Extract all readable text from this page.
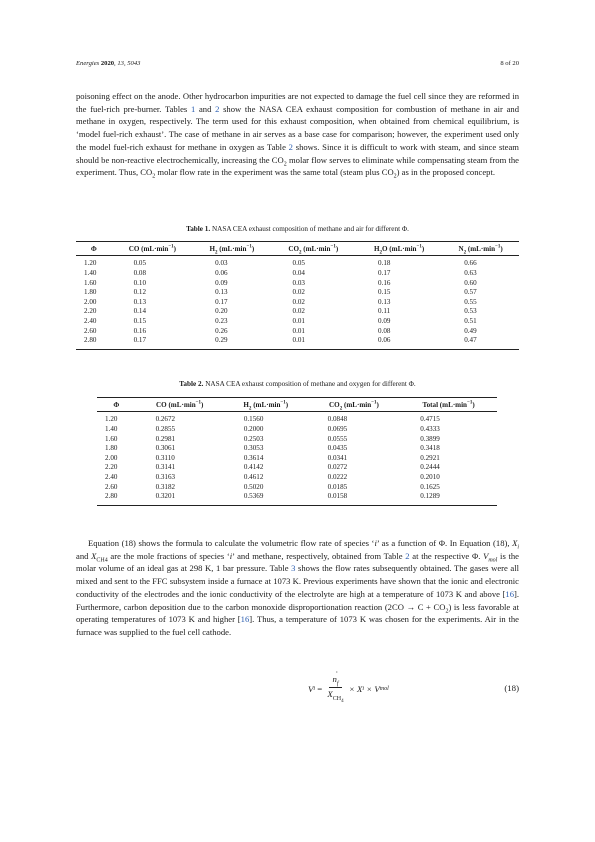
Energies 2020, 13, 5043	8 of 20

poisoning effect on the anode. Other hydrocarbon impurities are not expected to damage the fuel cell since they are reformed in the fuel-rich pre-burner. Tables 1 and 2 show the NASA CEA exhaust composition for combustion of methane in air and methane in oxygen, respectively. The term used for this exhaust composition, when obtained from chemical equilibrium, is ‘model fuel-rich exhaust’. The case of methane in air serves as a base case for comparison; however, the experiment used only the model fuel-rich exhaust for methane in oxygen as Table 2 shows. Since it is difficult to work with steam, and since steam should be non-reactive electrochemically, increasing the $CO_2$ molar flow serves to eliminate while compensating steam from the experiment. Thus, $CO_2$ molar flow rate in the experiment was the same total (steam plus $CO_2$) as in the proposed concept.

Table 1. NASA CEA exhaust composition of methane and air for different Φ.
Φ	CO $(mL\cdot\min^{-1})$	$H_2$ $(mL\cdot\min^{-1})$	$CO_2$ $(mL\cdot\min^{-1})$	$H_2O$ $(mL\cdot\min^{-1})$	$N_2$ $(mL\cdot\min^{-1})$
1.20	0.05	0.03	0.05	0.18	0.66
1.40	0.08	0.06	0.04	0.17	0.63
1.60	0.10	0.09	0.03	0.16	0.60
1.80	0.12	0.13	0.02	0.15	0.57
2.00	0.13	0.17	0.02	0.13	0.55
2.20	0.14	0.20	0.02	0.11	0.53
2.40	0.15	0.23	0.01	0.09	0.51
2.60	0.16	0.26	0.01	0.08	0.49
2.80	0.17	0.29	0.01	0.06	0.47
Table 2. NASA CEA exhaust composition of methane and oxygen for different Φ.
Φ	CO $(mL\cdot\min^{-1})$	$H_2$ $(mL\cdot\min^{-1})$	$CO_2$ $(mL\cdot\min^{-1})$	Total $(mL\cdot\min^{-1})$
1.20	0.2672	0.1560	0.0848	0.4715
1.40	0.2855	0.2000	0.0695	0.4333
1.60	0.2981	0.2503	0.0555	0.3899
1.80	0.3061	0.3053	0.0435	0.3418
2.00	0.3110	0.3614	0.0341	0.2921
2.20	0.3141	0.4142	0.0272	0.2444
2.40	0.3163	0.4612	0.0222	0.2010
2.60	0.3182	0.5020	0.0185	0.1625
2.80	0.3201	0.5369	0.0158	0.1289

Equation (18) shows the formula to calculate the volumetric flow rate of species ‘i’ as a function of Φ. In Equation (18), $X_i$ and $X_{CH4}$ are the mole fractions of species ‘i’ and methane, respectively, obtained from Table 2 at the respective Φ. $V_{mol}$ is the molar volume of an ideal gas at 298 K, 1 bar pressure. Table 3 shows the flow rates subsequently obtained. The gases were all mixed and sent to the FFC subsystem inside a furnace at 1073 K. Previous experiments have shown that the ionic and electronic conductivity of the electrodes and the ionic conductivity of the electrolyte are high at a temperature of 1073 K and above [16]. Furthermore, carbon deposition due to the carbon monoxide disproportionation reaction $(2CO \to C + CO_2)$ is less favorable at operating temperatures of 1073 K and higher [16]. Thus, a temperature of 1073 K was chosen for the experiments. Air in the furnace was supplied to the fuel cell cathode.

V i = ·
$n_f$
$X_{CH_4} \times X$ i × V mol	(18)
